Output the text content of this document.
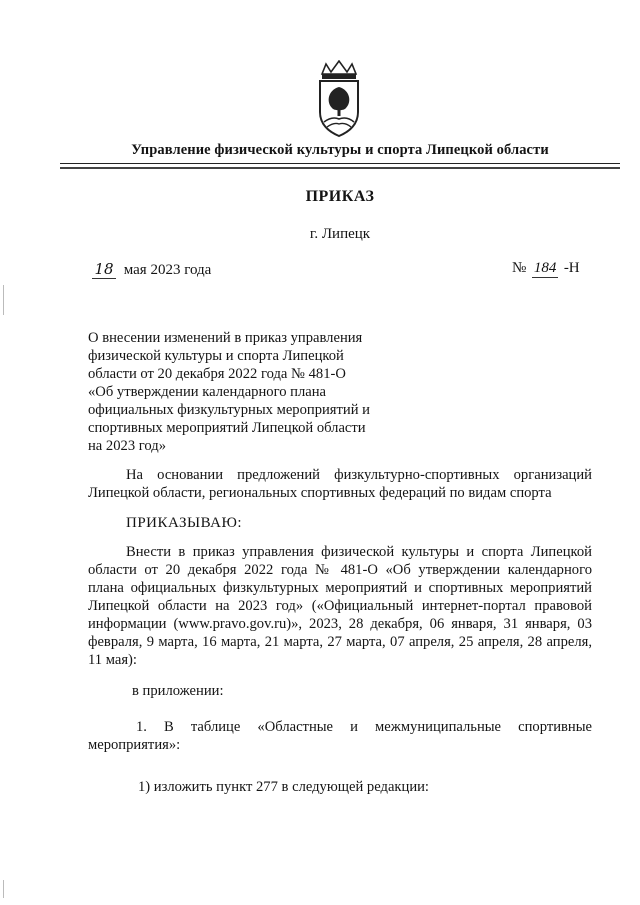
Управление физической культуры и спорта Липецкой области
ПРИКАЗ
г. Липецк
18 мая 2023 года	№ 184 -Н
О внесении изменений в приказ управления
физической культуры и спорта Липецкой
области от 20 декабря 2022 года № 481-О
«Об утверждении календарного плана
официальных физкультурных мероприятий и
спортивных мероприятий Липецкой области
на 2023 год»
На основании предложений физкультурно-спортивных организаций
Липецкой области, региональных спортивных федераций по видам спорта
ПРИКАЗЫВАЮ:
Внести в приказ управления физической культуры и спорта Липецкой
области от 20 декабря 2022 года № 481-О «Об утверждении календарного
плана официальных физкультурных мероприятий и спортивных мероприятий
Липецкой области на 2023 год» («Официальный интернет-портал правовой
информации (www.pravo.gov.ru)», 2023, 28 декабря, 06 января, 31 января, 03
февраля, 9 марта, 16 марта, 21 марта, 27 марта, 07 апреля, 25 апреля, 28 апреля,
11 мая):
в приложении:
1. В таблице «Областные и межмуниципальные спортивные
мероприятия»:
1) изложить пункт 277 в следующей редакции:
